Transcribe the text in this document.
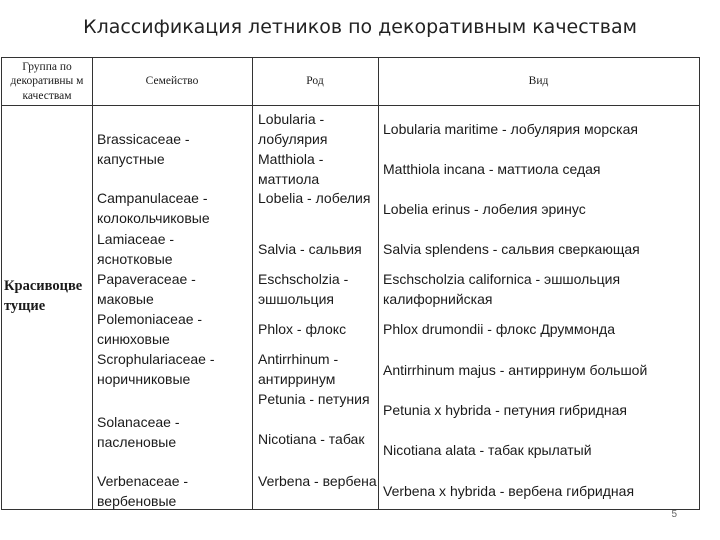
Классификация летников по декоративным качествам
Группа по декоративны м качествам
Семейство	Род	Вид
Красивоцве тущие
Brassicaceae - капустные
Campanulaceae - колокольчиковые
Lamiaceae - яснотковые
Papaveraceae - маковые
Polemoniaceae - синюховые
Scrophulariaceae - норичниковые
Solanaceae - пасленовые
Verbenaceae - вербеновые
Lobularia - лобулярия
Matthiola - маттиола
Lobelia - лобелия
Salvia - сальвия
Eschscholzia - эшшольция
Phlox - флокс
Antirrhinum - антирринум
Petunia - петуния
Nicotiana - табак
Verbena - вербена
Lobularia maritime - лобулярия морская
Matthiola incana - маттиола седая
Lobelia erinus - лобелия эринус
Salvia splendens - сальвия сверкающая
Eschscholzia californica - эшшольция калифорнийская
Phlox drumondii - флокс Друммонда
Antirrhinum majus - антирринум большой
Petunia x hybrida - петуния гибридная
Nicotiana alata - табак крылатый
Verbena x hybrida - вербена гибридная
5
